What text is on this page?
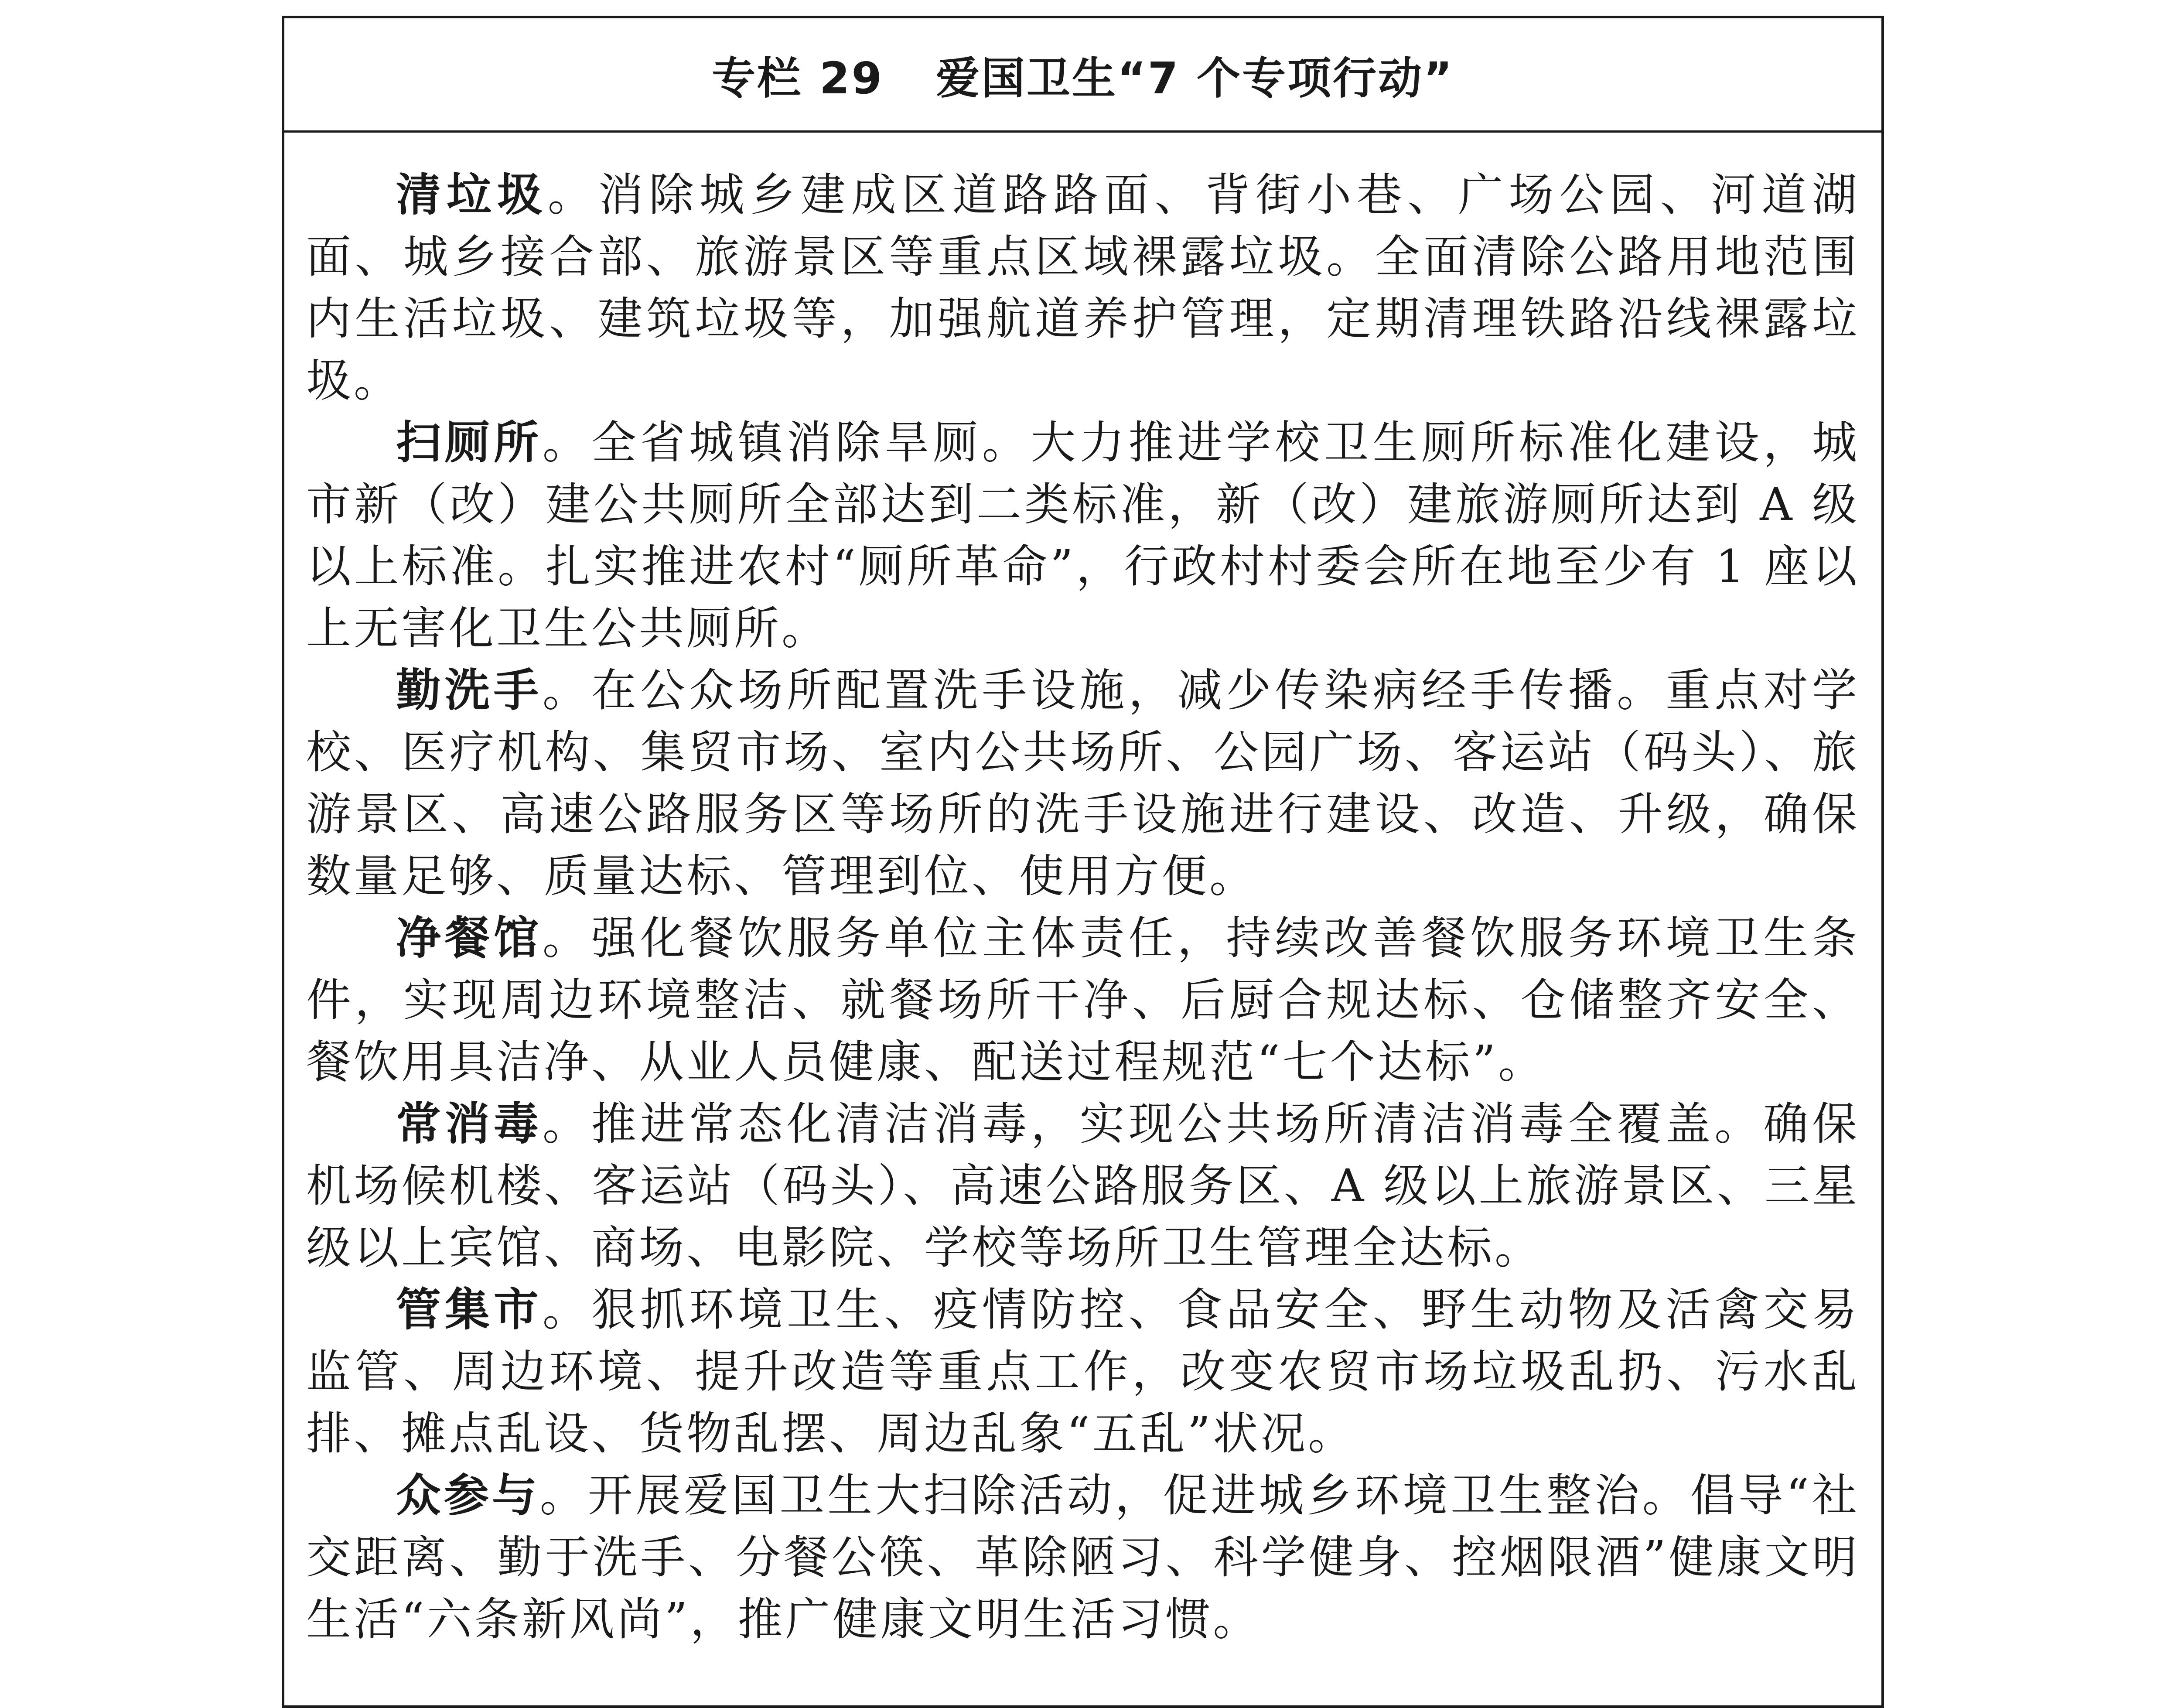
专栏 29 爱国卫生“7 个专项行动”

清垃圾。消除城乡建成区道路路面、背街小巷、广场公园、河道湖面、城乡接合部、旅游景区等重点区域裸露垃圾。全面清除公路用地范围内生活垃圾、建筑垃圾等，加强航道养护管理，定期清理铁路沿线裸露垃圾。

扫厕所。全省城镇消除旱厕。大力推进学校卫生厕所标准化建设，城市新（改）建公共厕所全部达到二类标准，新（改）建旅游厕所达到 A 级以上标准。扎实推进农村“厕所革命”，行政村村委会所在地至少有 1 座以上无害化卫生公共厕所。

勤洗手。在公众场所配置洗手设施，减少传染病经手传播。重点对学校、医疗机构、集贸市场、室内公共场所、公园广场、客运站（码头）、旅游景区、高速公路服务区等场所的洗手设施进行建设、改造、升级，确保数量足够、质量达标、管理到位、使用方便。

净餐馆。强化餐饮服务单位主体责任，持续改善餐饮服务环境卫生条件，实现周边环境整洁、就餐场所干净、后厨合规达标、仓储整齐安全、餐饮用具洁净、从业人员健康、配送过程规范“七个达标”。

常消毒。推进常态化清洁消毒，实现公共场所清洁消毒全覆盖。确保机场候机楼、客运站（码头）、高速公路服务区、A 级以上旅游景区、三星级以上宾馆、商场、电影院、学校等场所卫生管理全达标。

管集市。狠抓环境卫生、疫情防控、食品安全、野生动物及活禽交易监管、周边环境、提升改造等重点工作，改变农贸市场垃圾乱扔、污水乱排、摊点乱设、货物乱摆、周边乱象“五乱”状况。

众参与。开展爱国卫生大扫除活动，促进城乡环境卫生整治。倡导“社交距离、勤于洗手、分餐公筷、革除陋习、科学健身、控烟限酒”健康文明生活“六条新风尚”，推广健康文明生活习惯。
